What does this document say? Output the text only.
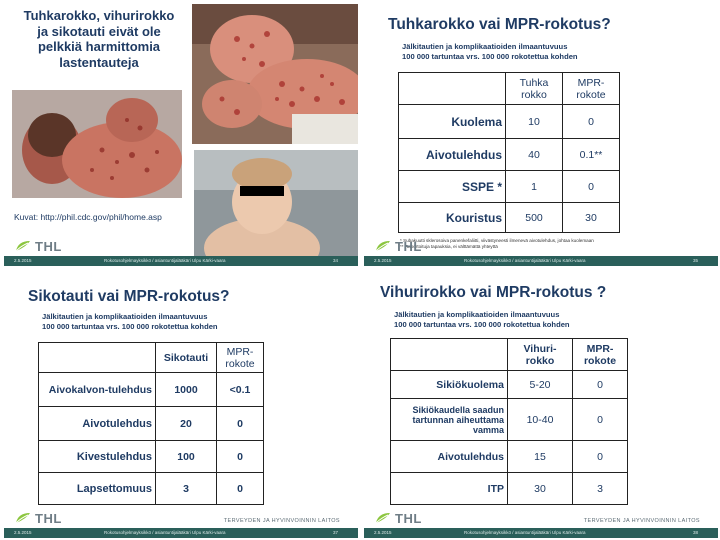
Tuhkarokko, vihurirokko
ja sikotauti eivät ole
pelkkiä harmittomia
lastentauteja
Kuvat: http://phil.cdc.gov/phil/home.asp
THL
2.5.2015	Rokotusohjelmayksikkö / asiantuntijalääkäri Ulpu Kärki-vaara	34
Tuhkarokko vai MPR-rokotus?
Jälkitautien ja komplikaatioiden ilmaantuvuus
100 000 tartuntaa vrs. 100 000 rokotettua kohden
	Tuhka rokko	MPR-rokote
Kuolema	10	0
Aivotulehdus	40	0.1**
SSPE *	1	0
Kouristus	500	30
* Subakuutti sklerosoiva panenkefaliitti, viivästyneesti ilmenevä aivotulehdus, johtaa kuolemaan
** Raportoituja tapauksia, ei välttämättä yhteyttä
THL
2.5.2015	Rokotusohjelmayksikkö / asiantuntijalääkäri Ulpu Kärki-vaara	35
Sikotauti vai MPR-rokotus?
Jälkitautien ja komplikaatioiden ilmaantuvuus
100 000 tartuntaa vrs. 100 000 rokotettua kohden
	Sikotauti	MPR-rokote
Aivokalvon-tulehdus	1000	<0.1
Aivotulehdus	20	0
Kivestulehdus	100	0
Lapsettomuus	3	0
THL	TERVEYDEN JA HYVINVOINNIN LAITOS
2.5.2015	Rokotusohjelmayksikkö / asiantuntijalääkäri Ulpu Kärki-vaara	37
Vihurirokko vai MPR-rokotus ?
Jälkitautien ja komplikaatioiden ilmaantuvuus
100 000 tartuntaa vrs. 100 000 rokotettua kohden
	Vihuri-rokko	MPR-rokote
Sikiökuolema	5-20	0
Sikiökaudella saadun tartunnan aiheuttama vamma	10-40	0
Aivotulehdus	15	0
ITP	30	3
THL	TERVEYDEN JA HYVINVOINNIN LAITOS
2.5.2015	Rokotusohjelmayksikkö / asiantuntijalääkäri Ulpu Kärki-vaara	38
